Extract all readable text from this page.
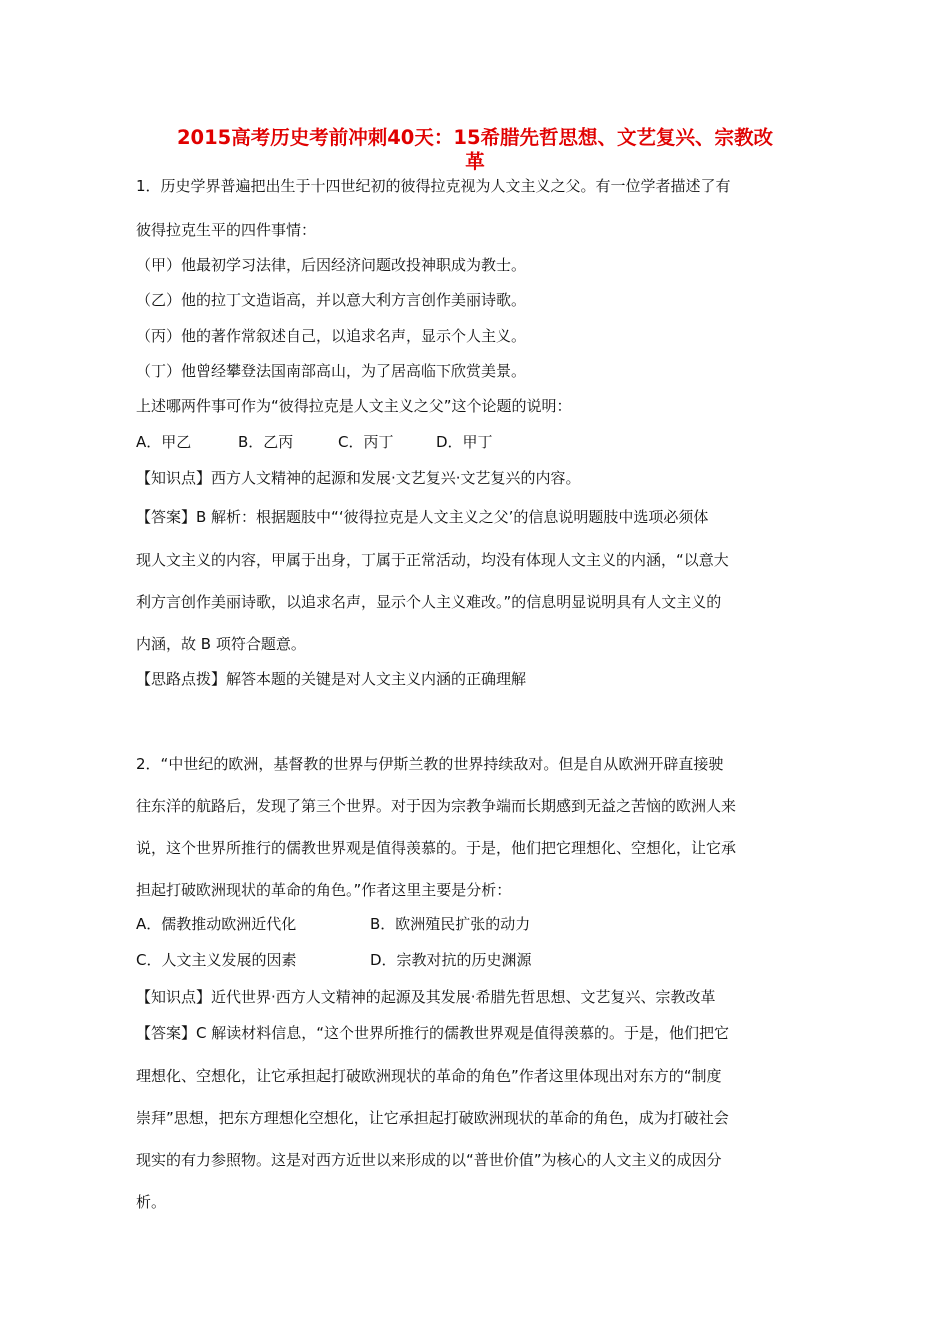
2015高考历史考前冲刺40天：15希腊先哲思想、文艺复兴、宗教改
革
1．历史学界普遍把出生于十四世纪初的彼得拉克视为人文主义之父。有一位学者描述了有
彼得拉克生平的四件事情：
（甲）他最初学习法律，后因经济问题改投神职成为教士。
（乙）他的拉丁文造诣高，并以意大利方言创作美丽诗歌。
（丙）他的著作常叙述自己，以追求名声，显示个人主义。
（丁）他曾经攀登法国南部高山，为了居高临下欣赏美景。
上述哪两件事可作为“彼得拉克是人文主义之父”这个论题的说明：
A．甲乙	B．乙丙	C．丙丁	D．甲丁
【知识点】西方人文精神的起源和发展·文艺复兴·文艺复兴的内容。
【答案】B 解析：根据题肢中“‘彼得拉克是人文主义之父’的信息说明题肢中选项必须体
现人文主义的内容，甲属于出身，丁属于正常活动，均没有体现人文主义的内涵，“以意大
利方言创作美丽诗歌，以追求名声，显示个人主义难改。”的信息明显说明具有人文主义的
内涵，故 B 项符合题意。
【思路点拨】解答本题的关键是对人文主义内涵的正确理解
2．“中世纪的欧洲，基督教的世界与伊斯兰教的世界持续敌对。但是自从欧洲开辟直接驶
往东洋的航路后，发现了第三个世界。对于因为宗教争端而长期感到无益之苦恼的欧洲人来
说，这个世界所推行的儒教世界观是值得羡慕的。于是，他们把它理想化、空想化，让它承
担起打破欧洲现状的革命的角色。”作者这里主要是分析：
A．儒教推动欧洲近代化	B．欧洲殖民扩张的动力
C．人文主义发展的因素	D．宗教对抗的历史渊源
【知识点】近代世界·西方人文精神的起源及其发展·希腊先哲思想、文艺复兴、宗教改革
【答案】C 解读材料信息，“这个世界所推行的儒教世界观是值得羡慕的。于是，他们把它
理想化、空想化，让它承担起打破欧洲现状的革命的角色”作者这里体现出对东方的“制度
崇拜”思想，把东方理想化空想化，让它承担起打破欧洲现状的革命的角色，成为打破社会
现实的有力参照物。这是对西方近世以来形成的以“普世价值”为核心的人文主义的成因分
析。
